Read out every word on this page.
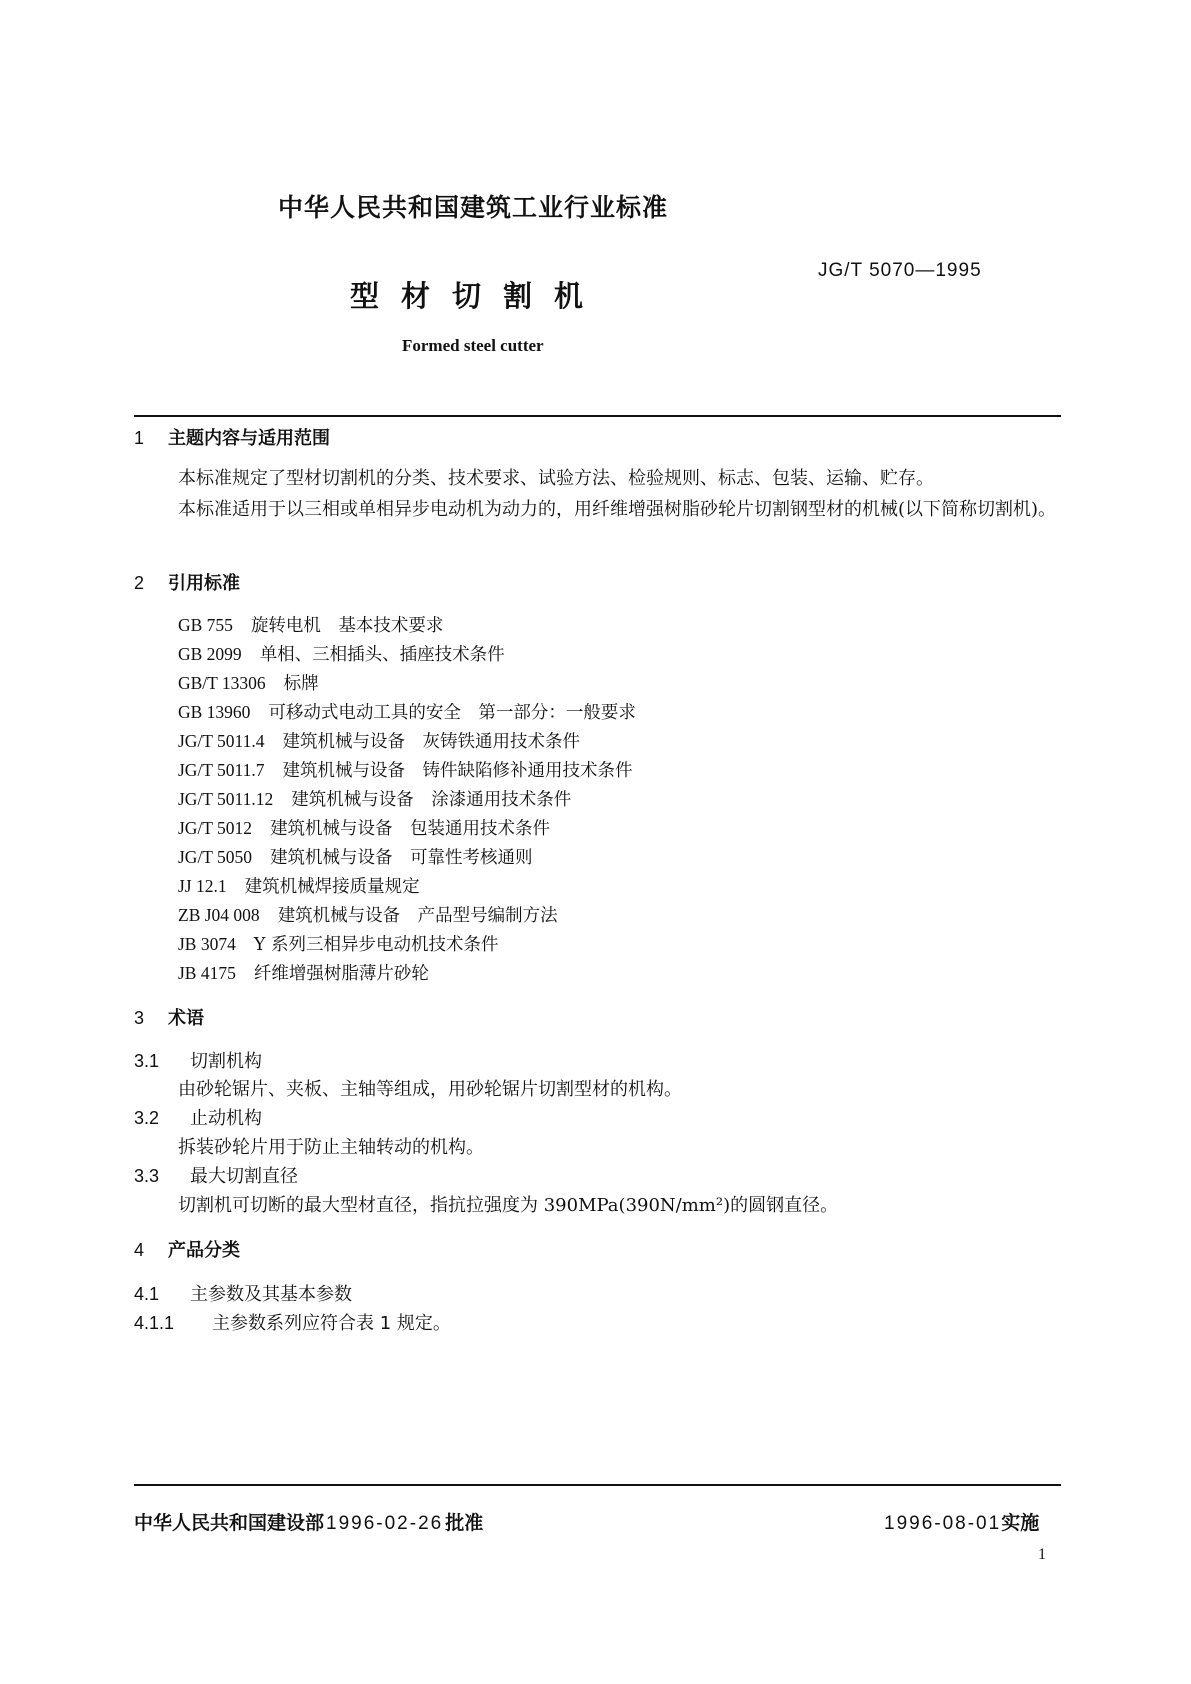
中华人民共和国建筑工业行业标准
JG/T 5070—1995
型材切割机
Formed steel cutter
1 主题内容与适用范围
本标准规定了型材切割机的分类、技术要求、试验方法、检验规则、标志、包装、运输、贮存。
本标准适用于以三相或单相异步电动机为动力的，用纤维增强树脂砂轮片切割钢型材的机械(以下简称切割机)。
2 引用标准
GB 755 旋转电机　基本技术要求
GB 2099 单相、三相插头、插座技术条件
GB/T 13306 标牌
GB 13960 可移动式电动工具的安全　第一部分：一般要求
JG/T 5011.4 建筑机械与设备　灰铸铁通用技术条件
JG/T 5011.7 建筑机械与设备　铸件缺陷修补通用技术条件
JG/T 5011.12 建筑机械与设备　涂漆通用技术条件
JG/T 5012 建筑机械与设备　包装通用技术条件
JG/T 5050 建筑机械与设备　可靠性考核通则
JJ 12.1 建筑机械焊接质量规定
ZB J04 008 建筑机械与设备　产品型号编制方法
JB 3074 Y 系列三相异步电动机技术条件
JB 4175 纤维增强树脂薄片砂轮
3 术语
3.1 切割机构
由砂轮锯片、夹板、主轴等组成，用砂轮锯片切割型材的机构。
3.2 止动机构
拆装砂轮片用于防止主轴转动的机构。
3.3 最大切割直径
切割机可切断的最大型材直径，指抗拉强度为 390MPa(390N/mm²)的圆钢直径。
4 产品分类
4.1 主参数及其基本参数
4.1.1 主参数系列应符合表 1 规定。
中华人民共和国建设部 1996-02-26 批准	1996-08-01实施
1
